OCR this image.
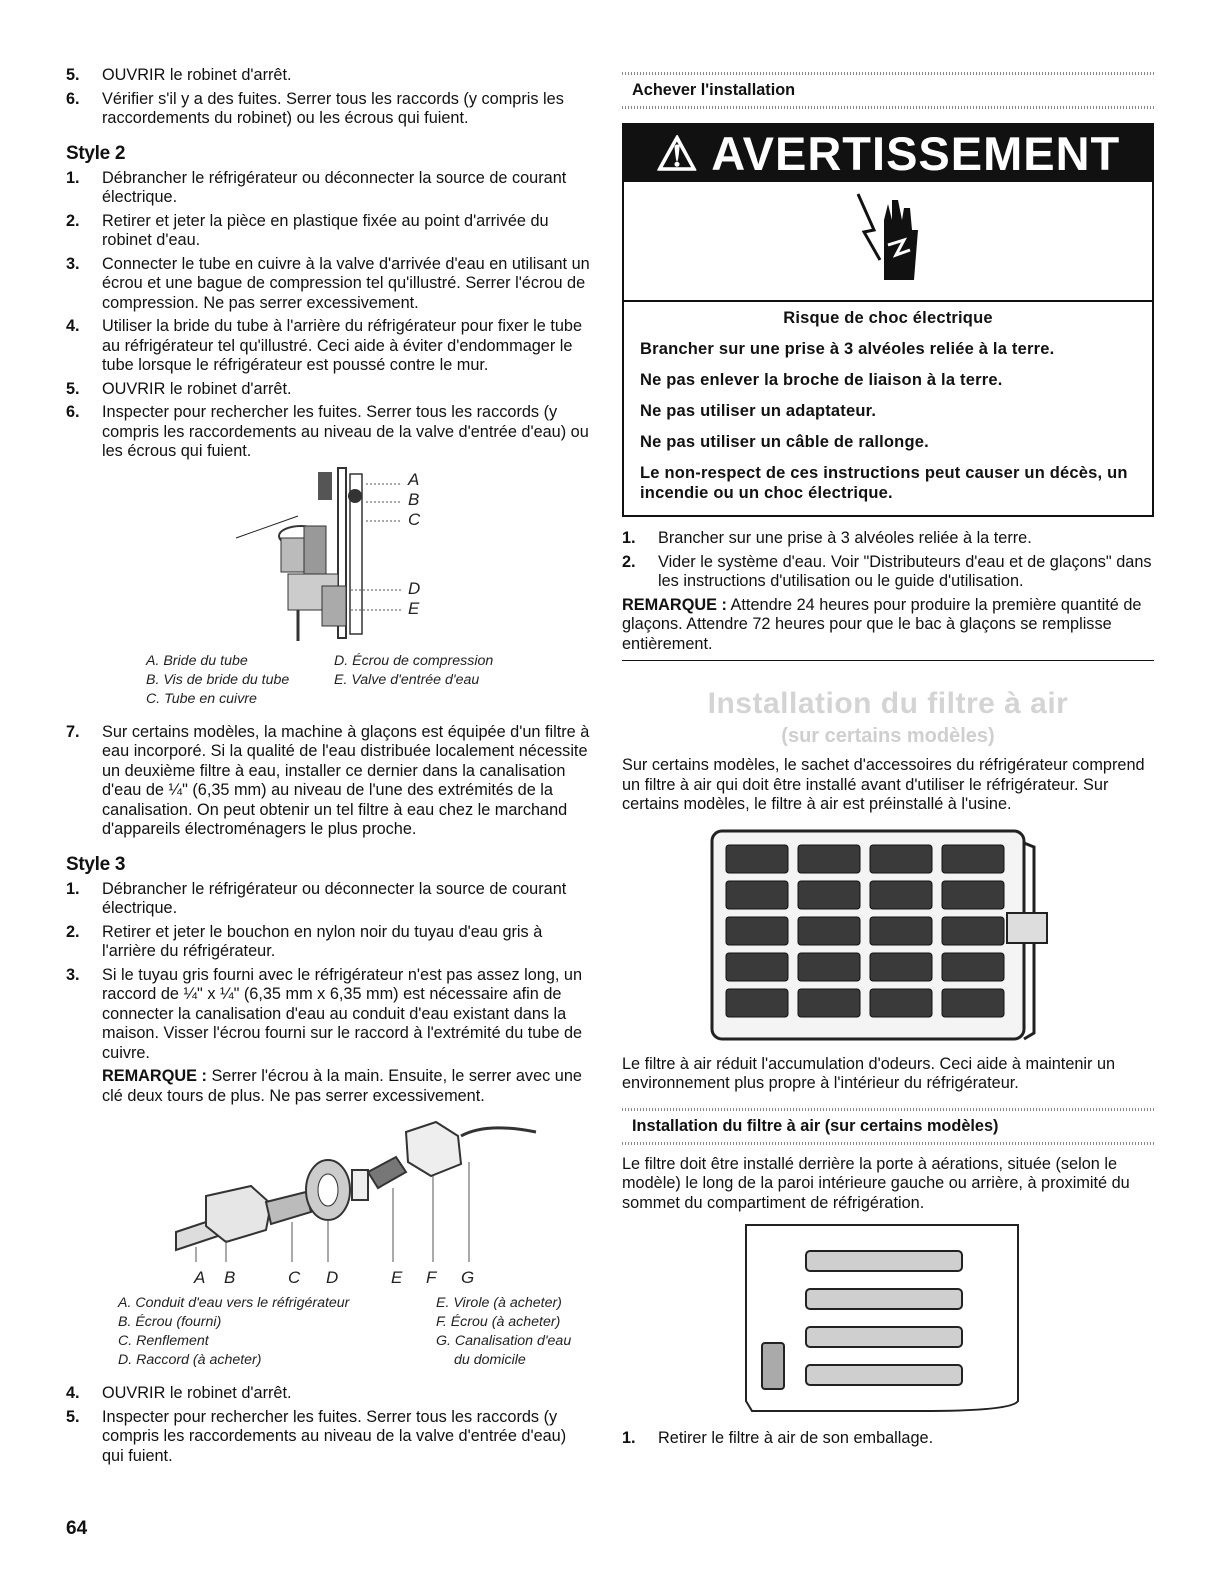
5. OUVRIR le robinet d'arrêt.
6. Vérifier s'il y a des fuites. Serrer tous les raccords (y compris les raccordements du robinet) ou les écrous qui fuient.
Style 2
1. Débrancher le réfrigérateur ou déconnecter la source de courant électrique.
2. Retirer et jeter la pièce en plastique fixée au point d'arrivée du robinet d'eau.
3. Connecter le tube en cuivre à la valve d'arrivée d'eau en utilisant un écrou et une bague de compression tel qu'illustré. Serrer l'écrou de compression. Ne pas serrer excessivement.
4. Utiliser la bride du tube à l'arrière du réfrigérateur pour fixer le tube au réfrigérateur tel qu'illustré. Ceci aide à éviter d'endommager le tube lorsque le réfrigérateur est poussé contre le mur.
5. OUVRIR le robinet d'arrêt.
6. Inspecter pour rechercher les fuites. Serrer tous les raccords (y compris les raccordements au niveau de la valve d'entrée d'eau) ou les écrous qui fuient.
A
B
C
D
E
A. Bride du tube	D. Écrou de compression
B. Vis de bride du tube	E. Valve d'entrée d'eau
C. Tube en cuivre
7. Sur certains modèles, la machine à glaçons est équipée d'un filtre à eau incorporé. Si la qualité de l'eau distribuée localement nécessite un deuxième filtre à eau, installer ce dernier dans la canalisation d'eau de ¼" (6,35 mm) au niveau de l'une des extrémités de la canalisation. On peut obtenir un tel filtre à eau chez le marchand d'appareils électroménagers le plus proche.
Style 3
1. Débrancher le réfrigérateur ou déconnecter la source de courant électrique.
2. Retirer et jeter le bouchon en nylon noir du tuyau d'eau gris à l'arrière du réfrigérateur.
3. Si le tuyau gris fourni avec le réfrigérateur n'est pas assez long, un raccord de ¼" x ¼" (6,35 mm x 6,35 mm) est nécessaire afin de connecter la canalisation d'eau au conduit d'eau existant dans la maison. Visser l'écrou fourni sur le raccord à l'extrémité du tube de cuivre.
REMARQUE : Serrer l'écrou à la main. Ensuite, le serrer avec une clé deux tours de plus. Ne pas serrer excessivement.
A B	C D	E F G
A. Conduit d'eau vers le réfrigérateur	E. Virole (à acheter)
B. Écrou (fourni)	F. Écrou (à acheter)
C. Renflement	G. Canalisation d'eau
D. Raccord (à acheter)	du domicile
4. OUVRIR le robinet d'arrêt.
5. Inspecter pour rechercher les fuites. Serrer tous les raccords (y compris les raccordements au niveau de la valve d'entrée d'eau) qui fuient.
Achever l'installation
⚠ AVERTISSEMENT
Risque de choc électrique
Brancher sur une prise à 3 alvéoles reliée à la terre.
Ne pas enlever la broche de liaison à la terre.
Ne pas utiliser un adaptateur.
Ne pas utiliser un câble de rallonge.
Le non-respect de ces instructions peut causer un décès, un incendie ou un choc électrique.
1. Brancher sur une prise à 3 alvéoles reliée à la terre.
2. Vider le système d'eau. Voir "Distributeurs d'eau et de glaçons" dans les instructions d'utilisation ou le guide d'utilisation.
REMARQUE : Attendre 24 heures pour produire la première quantité de glaçons. Attendre 72 heures pour que le bac à glaçons se remplisse entièrement.
Installation du filtre à air
(sur certains modèles)
Sur certains modèles, le sachet d'accessoires du réfrigérateur comprend un filtre à air qui doit être installé avant d'utiliser le réfrigérateur. Sur certains modèles, le filtre à air est préinstallé à l'usine.
Le filtre à air réduit l'accumulation d'odeurs. Ceci aide à maintenir un environnement plus propre à l'intérieur du réfrigérateur.
Installation du filtre à air (sur certains modèles)
Le filtre doit être installé derrière la porte à aérations, située (selon le modèle) le long de la paroi intérieure gauche ou arrière, à proximité du sommet du compartiment de réfrigération.
1. Retirer le filtre à air de son emballage.
64
